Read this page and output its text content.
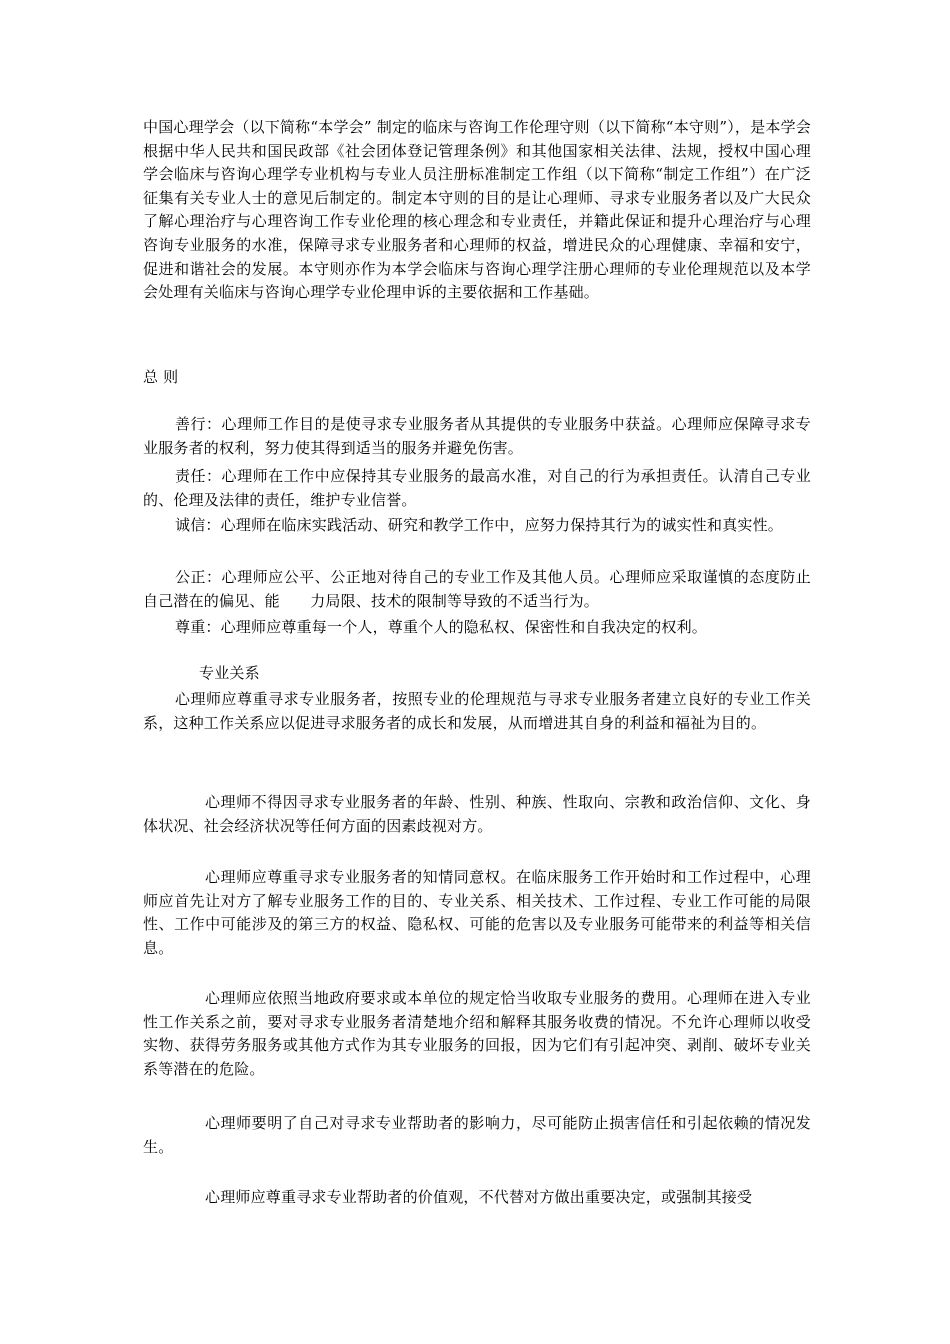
中国心理学会（以下简称“本学会” 制定的临床与咨询工作伦理守则（以下简称“本守则”），是本学会根据中华人民共和国民政部《社会团体登记管理条例》和其他国家相关法律、法规，授权中国心理学会临床与咨询心理学专业机构与专业人员注册标准制定工作组（以下简称“制定工作组”）在广泛征集有关专业人士的意见后制定的。制定本守则的目的是让心理师、寻求专业服务者以及广大民众了解心理治疗与心理咨询工作专业伦理的核心理念和专业责任，并籍此保证和提升心理治疗与心理咨询专业服务的水准，保障寻求专业服务者和心理师的权益，增进民众的心理健康、幸福和安宁，促进和谐社会的发展。本守则亦作为本学会临床与咨询心理学注册心理师的专业伦理规范以及本学会处理有关临床与咨询心理学专业伦理申诉的主要依据和工作基础。

总 则

善行：心理师工作目的是使寻求专业服务者从其提供的专业服务中获益。心理师应保障寻求专业服务者的权利，努力使其得到适当的服务并避免伤害。

责任：心理师在工作中应保持其专业服务的最高水准，对自己的行为承担责任。认清自己专业的、伦理及法律的责任，维护专业信誉。

诚信：心理师在临床实践活动、研究和教学工作中，应努力保持其行为的诚实性和真实性。

公正：心理师应公平、公正地对待自己的专业工作及其他人员。心理师应采取谨慎的态度防止自己潜在的偏见、能　　力局限、技术的限制等导致的不适当行为。

尊重：心理师应尊重每一个人，尊重个人的隐私权、保密性和自我决定的权利。

专业关系

心理师应尊重寻求专业服务者，按照专业的伦理规范与寻求专业服务者建立良好的专业工作关系，这种工作关系应以促进寻求服务者的成长和发展，从而增进其自身的利益和福祉为目的。

心理师不得因寻求专业服务者的年龄、性别、种族、性取向、宗教和政治信仰、文化、身体状况、社会经济状况等任何方面的因素歧视对方。

心理师应尊重寻求专业服务者的知情同意权。在临床服务工作开始时和工作过程中，心理师应首先让对方了解专业服务工作的目的、专业关系、相关技术、工作过程、专业工作可能的局限性、工作中可能涉及的第三方的权益、隐私权、可能的危害以及专业服务可能带来的利益等相关信息。

心理师应依照当地政府要求或本单位的规定恰当收取专业服务的费用。心理师在进入专业性工作关系之前，要对寻求专业服务者清楚地介绍和解释其服务收费的情况。不允许心理师以收受实物、获得劳务服务或其他方式作为其专业服务的回报，因为它们有引起冲突、剥削、破坏专业关系等潜在的危险。

心理师要明了自己对寻求专业帮助者的影响力，尽可能防止损害信任和引起依赖的情况发生。

心理师应尊重寻求专业帮助者的价值观，不代替对方做出重要决定，或强制其接受
